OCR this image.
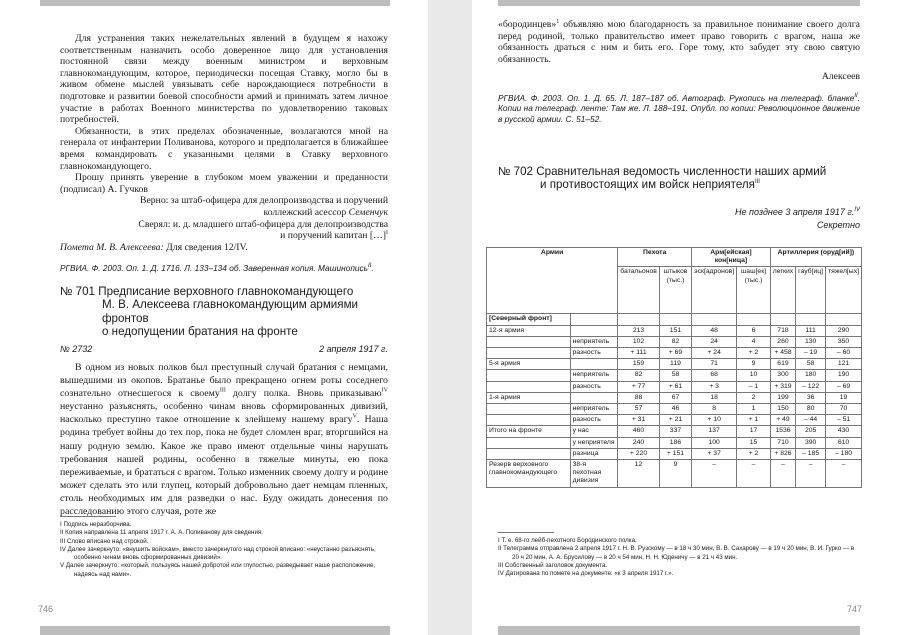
Для устранения таких нежелательных явлений в будущем я нахожу соответственным назначить особо доверенное лицо для установления постоянной связи между военным министром и верховным главнокомандующим, которое, периодически посещая Ставку, могло бы в живом обмене мыслей увязывать себе нарождающиеся потребности в подготовке и развитии боевой способности армий и принимать затем личное участие в работах Военного министерства по удовлетворению таковых потребностей.

Обязанности, в этих пределах обозначенные, возлагаются мной на генерала от инфантерии Поливанова, которого и предполагается в ближайшее время командировать с указанными целями в Ставку верховного главнокомандующего.

Прошу принять уверение в глубоком моем уважении и преданности (подписал) А. Гучков

Верно: за штаб-офицера для делопроизводства и поручений

коллежский асессор Семенчук

Сверял: и. д. младшего штаб-офицера для делопроизводства

и поручений капитан […]$^I$

Помета М. В. Алексеева: Для сведения 12/IV.

РГВИА. Ф. 2003. Оп. 1. Д. 1716. Л. 133–134 об. Заверенная копия. Машинопись$^{II}$.

№ 701 Предписание верховного главнокомандующего
М. В. Алексеева главнокомандующим армиями фронтов
о недопущении братания на фронте
№ 2732	2 апреля 1917 г.

В одном из новых полков был преступный случай братания с немцами, вышедшими из окопов. Братанье было прекращено огнем роты соседнего сознательно отнесшегося к своему$^{III}$ долгу полка. Вновь приказываю$^{IV}$ неустанно разъяснять, особенно чинам вновь сформированных дивизий, насколько преступно такое отношение к злейшему нашему врагу$^V$. Наша родина требует войны до тех пор, пока не будет сломлен враг, вторгшийся на нашу родную землю. Какое же право имеют отдельные чины нарушать требования нашей родины, особенно в тяжелые минуты, ею пока переживаемые, и брататься с врагом. Только изменник своему долгу и родине может сделать это или глупец, который добровольно дает немцам пленных, столь необходимых им для разведки о нас. Буду ожидать донесения по расследованию этого случая, роте же

I Подпись неразборчива.
II Копия направлена 11 апреля 1917 г. А. А. Поливанову для сведения.
III Слово вписано над строкой.
IV Далее зачеркнуто: «внушить войскам», вместо зачеркнутого над строкой вписано: «неустанно разъяснять, особенно чинам вновь сформированных дивизий».
V Далее зачеркнуто: «который, пользуясь нашей добротой или глупостью, разведывает наше расположение, надеясь над нами».
746

«бородинцев»$^1$ объявляю мою благодарность за правильное понимание своего долга перед родиной, только правительство имеет право говорить с врагом, наша же обязанность драться с ним и бить его. Горе тому, кто забудет эту свою святую обязанность.

Алексеев

РГВИА. Ф. 2003. Оп. 1. Д. 65. Л. 187–187 об. Автограф. Рукопись на телеграф. бланке$^{II}$. Копии на телеграф. ленте: Там же. Л. 188–191. Опубл. по копии: Революционное движение в русской армии. С. 51–52.

№ 702 Сравнительная ведомость численности наших армий
и противостоящих им войск неприятеля$^{III}$
Не позднее 3 апреля 1917 г.$^{IV}$
Секретно
Армии		Пехота		Арм[ейская] кон[ница]		Артиллерия (оруд[ий])		
		батальонов	штыков (тыс.)	эск[адронов]	шаш[ек] (тыс.)	легких	гауб[иц]	тяжел[ых]
[Северный фронт]								
12-я армия		213	151	48	6	718	111	290
	неприятель	102	82	24	4	260	130	350
	разность	+ 111	+ 69	+ 24	+ 2	+ 458	– 19	– 60
5-я армия		159	119	71	9	619	58	121
	неприятель	82	58	68	10	300	180	190
	разность	+ 77	+ 61	+ 3	– 1	+ 319	– 122	– 69
1-я армия		88	67	18	2	199	36	19
	неприятель	57	46	8	1	150	80	70
	разность	+ 31	+ 21	+ 10	+ 1	+ 49	– 44	– 51
Итого на фронте	у нас	460	337	137	17	1536	205	430
	у неприятеля	240	186	100	15	710	390	610
	разница	+ 220	+ 151	+ 37	+ 2	+ 826	– 185	– 180
Резерв верховного главнокомандующего	38-я пехотная дивизия	12	9	–	–	–	–	–
I Т. е. 68-го лейб-пехотного Бородинского полка.
II Телеграмма отправлена 2 апреля 1917 г. Н. В. Рузскому — в 18 ч 30 мин, В. В. Сахарову — в 19 ч 20 мин, В. И. Гурко — в 20 ч 20 мин, А. А. Брусилову — в 20 ч 54 мин, Н. Н. Юденичу — в 21 ч 43 мин.
III Собственный заголовок документа.
IV Датирована по помете на документе: «к 3 апреля 1917 г.».
747
